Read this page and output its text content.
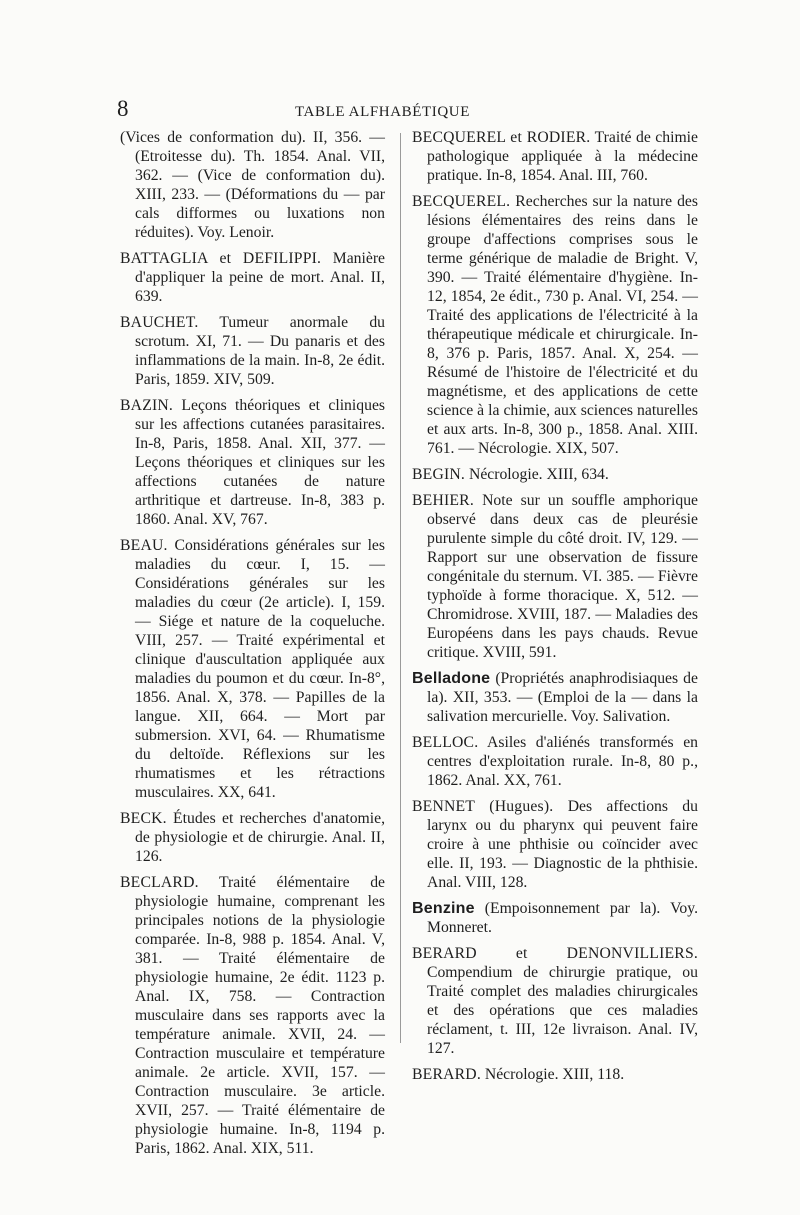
8	TABLE ALFHABÉTIQUE

(Vices de conformation du). II, 356. — (Etroitesse du). Th. 1854. Anal. VII, 362. — (Vice de conformation du). XIII, 233. — (Déformations du — par cals difformes ou luxations non réduites). Voy. Lenoir.

BATTAGLIA et DEFILIPPI. Manière d'appliquer la peine de mort. Anal. II, 639.

BAUCHET. Tumeur anormale du scrotum. XI, 71. — Du panaris et des inflammations de la main. In-8, 2e édit. Paris, 1859. XIV, 509.

BAZIN. Leçons théoriques et cliniques sur les affections cutanées parasitaires. In-8, Paris, 1858. Anal. XII, 377. — Leçons théoriques et cliniques sur les affections cutanées de nature arthritique et dartreuse. In-8, 383 p. 1860. Anal. XV, 767.

BEAU. Considérations générales sur les maladies du cœur. I, 15. — Considérations générales sur les maladies du cœur (2e article). I, 159. — Siége et nature de la coqueluche. VIII, 257. — Traité expérimental et clinique d'auscultation appliquée aux maladies du poumon et du cœur. In-8°, 1856. Anal. X, 378. — Papilles de la langue. XII, 664. — Mort par submersion. XVI, 64. — Rhumatisme du deltoïde. Réflexions sur les rhumatismes et les rétractions musculaires. XX, 641.

BECK. Études et recherches d'anatomie, de physiologie et de chirurgie. Anal. II, 126.

BECLARD. Traité élémentaire de physiologie humaine, comprenant les principales notions de la physiologie comparée. In-8, 988 p. 1854. Anal. V, 381. — Traité élémentaire de physiologie humaine, 2e édit. 1123 p. Anal. IX, 758. — Contraction musculaire dans ses rapports avec la température animale. XVII, 24. — Contraction musculaire et température animale. 2e article. XVII, 157. — Contraction musculaire. 3e article. XVII, 257. — Traité élémentaire de physiologie humaine. In-8, 1194 p. Paris, 1862. Anal. XIX, 511.

BECQUEREL et RODIER. Traité de chimie pathologique appliquée à la médecine pratique. In-8, 1854. Anal. III, 760.

BECQUEREL. Recherches sur la nature des lésions élémentaires des reins dans le groupe d'affections comprises sous le terme générique de maladie de Bright. V, 390. — Traité élémentaire d'hygiène. In-12, 1854, 2e édit., 730 p. Anal. VI, 254. — Traité des applications de l'électricité à la thérapeutique médicale et chirurgicale. In-8, 376 p. Paris, 1857. Anal. X, 254. — Résumé de l'histoire de l'électricité et du magnétisme, et des applications de cette science à la chimie, aux sciences naturelles et aux arts. In-8, 300 p., 1858. Anal. XIII. 761. — Nécrologie. XIX, 507.

BEGIN. Nécrologie. XIII, 634.

BEHIER. Note sur un souffle amphorique observé dans deux cas de pleurésie purulente simple du côté droit. IV, 129. — Rapport sur une observation de fissure congénitale du sternum. VI. 385. — Fièvre typhoïde à forme thoracique. X, 512. — Chromidrose. XVIII, 187. — Maladies des Européens dans les pays chauds. Revue critique. XVIII, 591.

Belladone (Propriétés anaphrodisiaques de la). XII, 353. — (Emploi de la — dans la salivation mercurielle. Voy. Salivation.

BELLOC. Asiles d'aliénés transformés en centres d'exploitation rurale. In-8, 80 p., 1862. Anal. XX, 761.

BENNET (Hugues). Des affections du larynx ou du pharynx qui peuvent faire croire à une phthisie ou coïncider avec elle. II, 193. — Diagnostic de la phthisie. Anal. VIII, 128.

Benzine (Empoisonnement par la). Voy. Monneret.

BERARD et DENONVILLIERS. Compendium de chirurgie pratique, ou Traité complet des maladies chirurgicales et des opérations que ces maladies réclament, t. III, 12e livraison. Anal. IV, 127.

BERARD. Nécrologie. XIII, 118.
